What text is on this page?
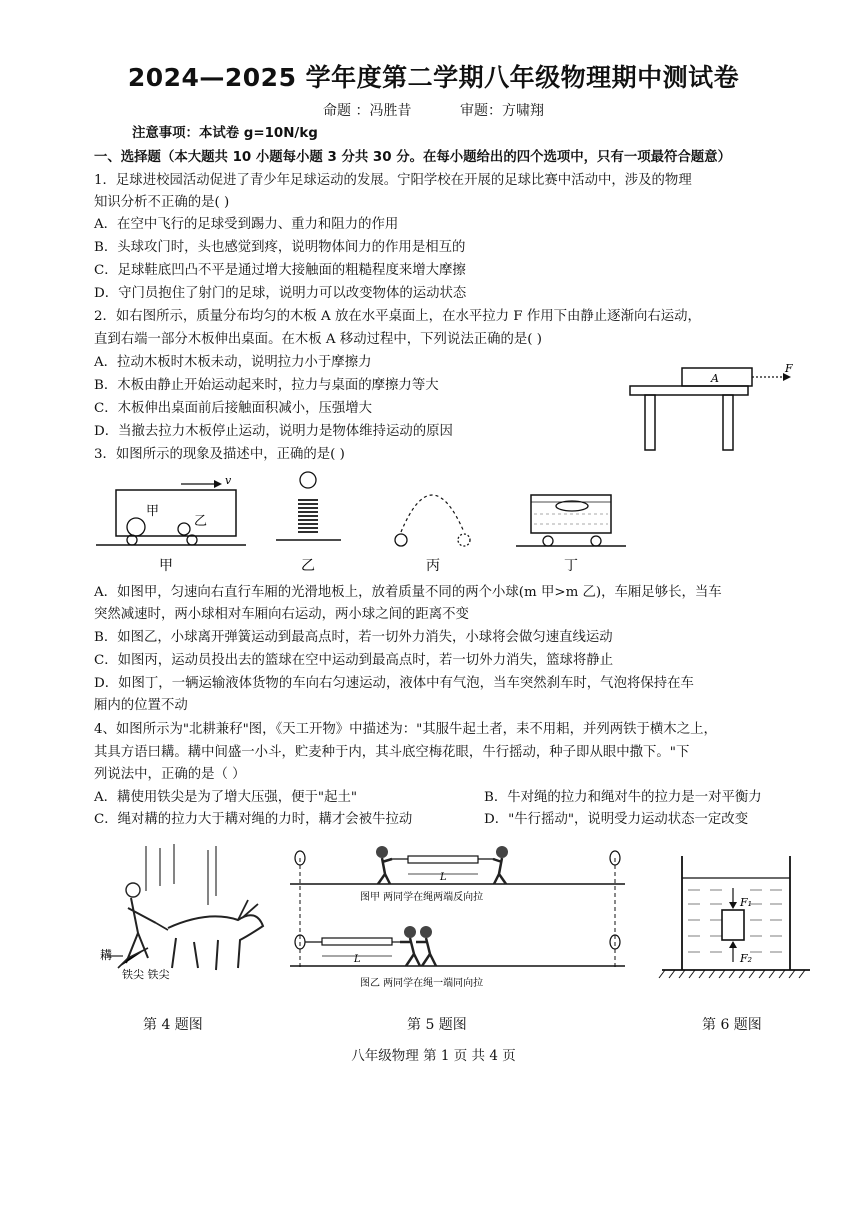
2024—2025 学年度第二学期八年级物理期中测试卷
命题 ：冯胜昔	审题：方啸翔
注意事项：本试卷 g=10N/kg
一、选择题（本大题共 10 小题每小题 3 分共 30 分。在每小题给出的四个选项中，只有一项最符合题意）
1．足球进校园活动促进了青少年足球运动的发展。宁阳学校在开展的足球比赛中活动中，涉及的物理
知识分析不正确的是( )
A．在空中飞行的足球受到踢力、重力和阻力的作用
B．头球攻门时，头也感觉到疼，说明物体间力的作用是相互的
C．足球鞋底凹凸不平是通过增大接触面的粗糙程度来增大摩擦
D．守门员抱住了射门的足球，说明力可以改变物体的运动状态
2．如右图所示，质量分布均匀的木板 A 放在水平桌面上，在水平拉力 F 作用下由静止逐渐向右运动，
直到右端一部分木板伸出桌面。在木板 A 移动过程中，下列说法正确的是( )
A．拉动木板时木板未动，说明拉力小于摩擦力
B．木板由静止开始运动起来时，拉力与桌面的摩擦力等大
C．木板伸出桌面前后接触面积减小，压强增大
D．当撤去拉力木板停止运动，说明力是物体维持运动的原因
A
F
3．如图所示的现象及描述中，正确的是( )
甲
乙
v
甲	乙	丙	丁
A．如图甲，匀速向右直行车厢的光滑地板上，放着质量不同的两个小球(m 甲>m 乙)，车厢足够长，当车
突然减速时，两小球相对车厢向右运动，两小球之间的距离不变
B．如图乙，小球离开弹簧运动到最高点时，若一切外力消失，小球将会做匀速直线运动
C．如图丙，运动员投出去的篮球在空中运动到最高点时，若一切外力消失，篮球将静止
D．如图丁，一辆运输液体货物的车向右匀速运动，液体中有气泡，当车突然刹车时，气泡将保持在车
厢内的位置不动
4、如图所示为"北耕兼秄"图，《天工开物》中描述为："其服牛起土者，耒不用耜，并列两铁于横木之上，
其具方语曰耩。耩中间盛一小斗，贮麦种于内，其斗底空梅花眼，牛行摇动，种子即从眼中撒下。"下
列说法中，正确的是（ ）
A．耩使用铁尖是为了增大压强，便于"起土"	B．牛对绳的拉力和绳对牛的拉力是一对平衡力
C．绳对耩的拉力大于耩对绳的力时，耩才会被牛拉动	D．"牛行摇动"，说明受力运动状态一定改变
耩
铁尖 铁尖
L
图甲 两同学在绳两端反向拉
L
图乙 两同学在绳一端同向拉
F₁
F₂
第 4 题图	第 5 题图	第 6 题图
八年级物理 第 1 页 共 4 页
